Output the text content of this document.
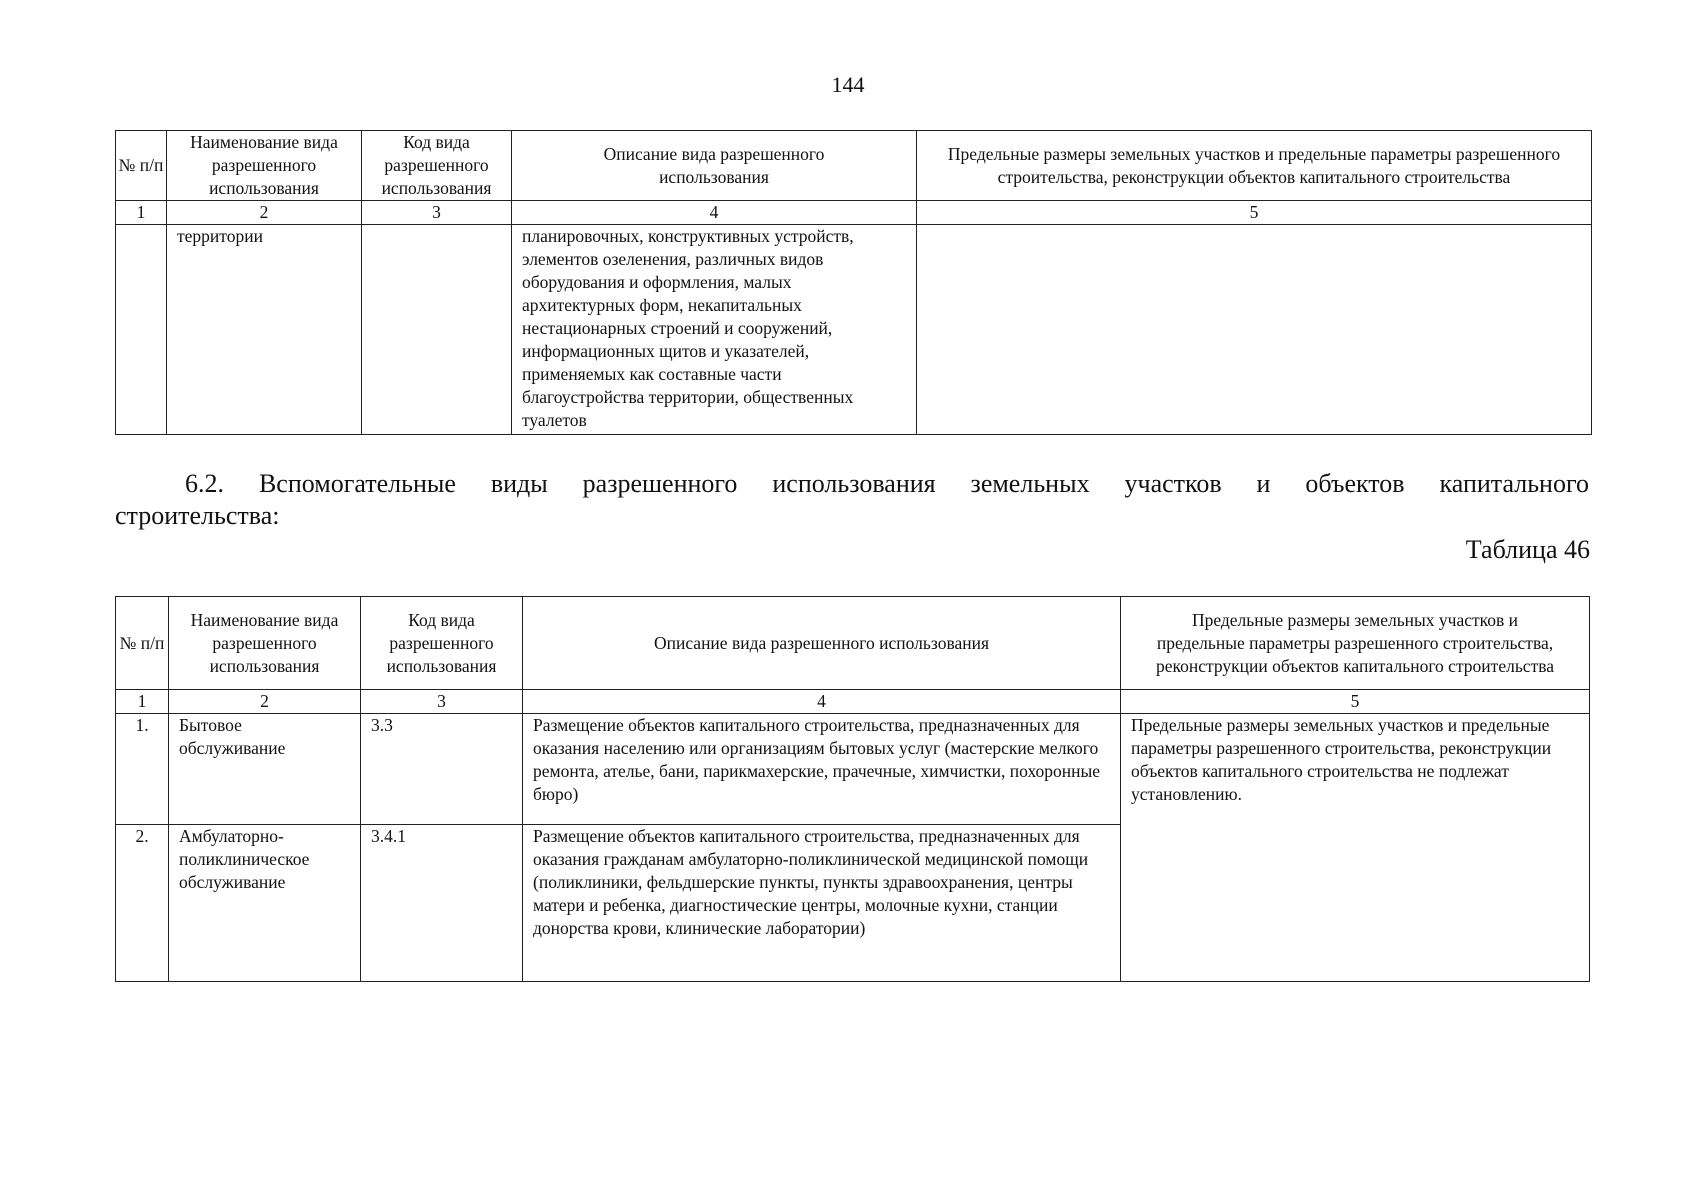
144
№ п/п	Наименование вида разрешенного использования	Код вида разрешенного использования	Описание вида разрешенного использования	Предельные размеры земельных участков и предельные параметры разрешенного строительства, реконструкции объектов капитального строительства
1	2	3	4	5
	территории		планировочных, конструктивных устройств, элементов озеленения, различных видов оборудования и оформления, малых архитектурных форм, некапитальных нестационарных строений и сооружений, информационных щитов и указателей, применяемых как составные части благоустройства территории, общественных туалетов	
6.2. Вспомогательные виды разрешенного использования земельных участков и объектов капитального
строительства:
Таблица 46
№ п/п	Наименование вида разрешенного использования	Код вида разрешенного использования	Описание вида разрешенного использования	Предельные размеры земельных участков и предельные параметры разрешенного строительства, реконструкции объектов капитального строительства
1	2	3	4	5
1.	Бытовое обслуживание	3.3	Размещение объектов капитального строительства, предназначенных для оказания населению или организациям бытовых услуг (мастерские мелкого ремонта, ателье, бани, парикмахерские, прачечные, химчистки, похоронные бюро)	Предельные размеры земельных участков и предельные параметры разрешенного строительства, реконструкции объектов капитального строительства не подлежат установлению.
2.	Амбулаторно-поликлиническое обслуживание	3.4.1	Размещение объектов капитального строительства, предназначенных для оказания гражданам амбулаторно-поликлинической медицинской помощи (поликлиники, фельдшерские пункты, пункты здравоохранения, центры матери и ребенка, диагностические центры, молочные кухни, станции донорства крови, клинические лаборатории)	
